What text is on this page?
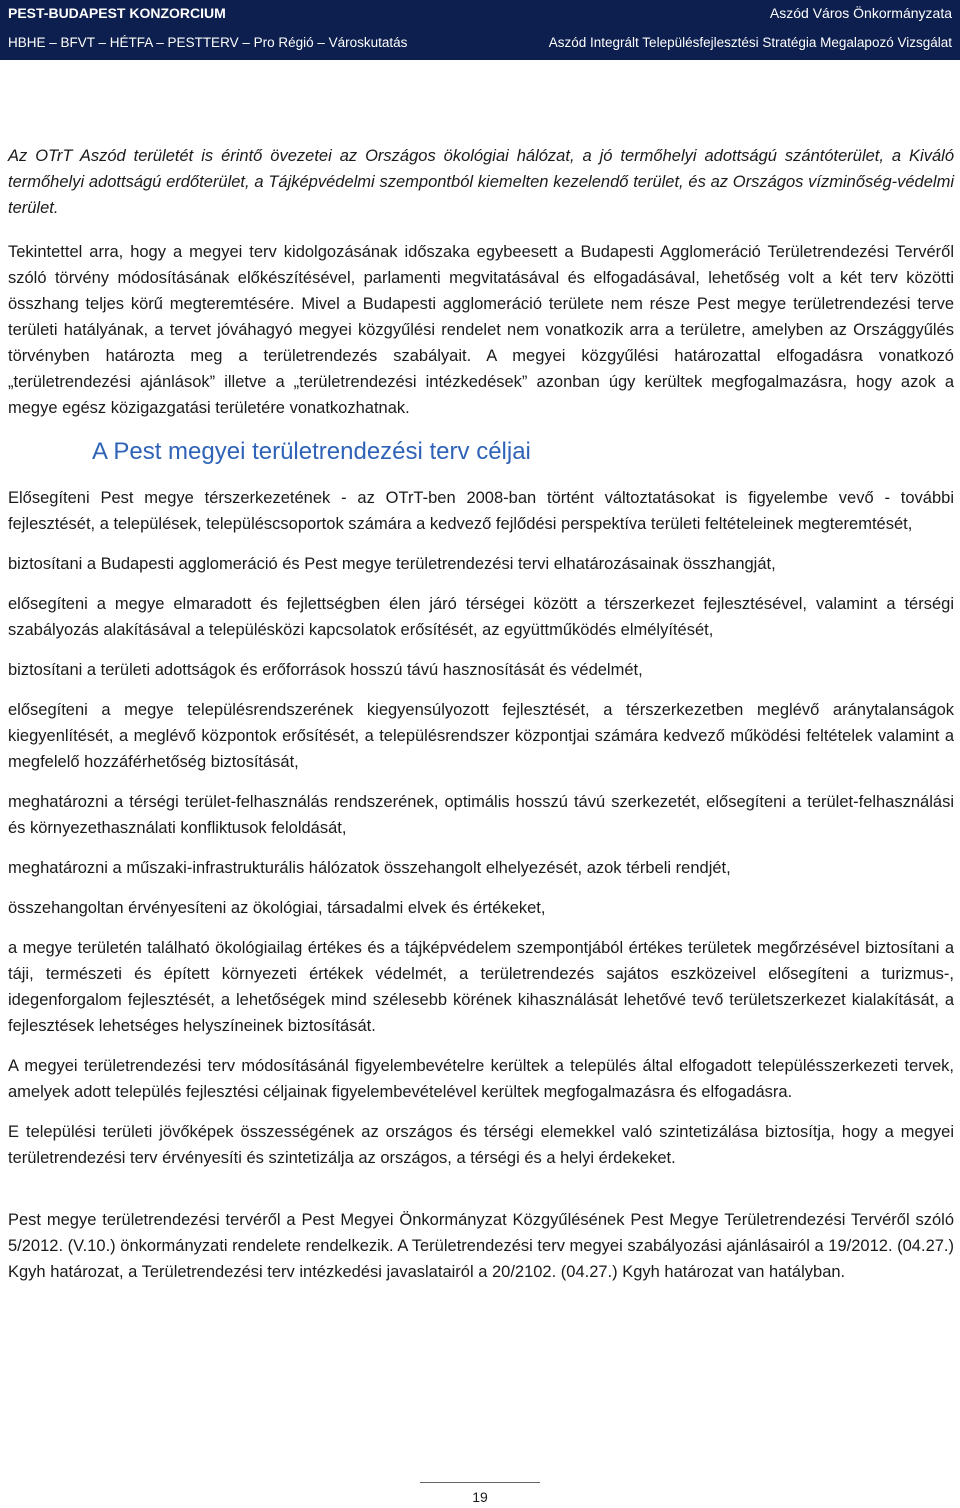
PEST-BUDAPEST KONZORCIUM	Aszód Város Önkormányzata
HBHE – BFVT – HÉTFA – PESTTERV – Pro Régió – Városkutatás	Aszód Integrált Településfejlesztési Stratégia Megalapozó Vizsgálat

Az OTrT Aszód területét is érintő övezetei az Országos ökológiai hálózat, a jó termőhelyi adottságú szántóterület, a Kiváló termőhelyi adottságú erdőterület, a Tájképvédelmi szempontból kiemelten kezelendő terület, és az Országos vízminőség-védelmi terület.

Tekintettel arra, hogy a megyei terv kidolgozásának időszaka egybeesett a Budapesti Agglomeráció Területrendezési Tervéről szóló törvény módosításának előkészítésével, parlamenti megvitatásával és elfogadásával, lehetőség volt a két terv közötti összhang teljes körű megteremtésére. Mivel a Budapesti agglomeráció területe nem része Pest megye területrendezési terve területi hatályának, a tervet jóváhagyó megyei közgyűlési rendelet nem vonatkozik arra a területre, amelyben az Országgyűlés törvényben határozta meg a területrendezés szabályait. A megyei közgyűlési határozattal elfogadásra vonatkozó „területrendezési ajánlások” illetve a „területrendezési intézkedések” azonban úgy kerültek megfogalmazásra, hogy azok a megye egész közigazgatási területére vonatkozhatnak.

A Pest megyei területrendezési terv céljai

Elősegíteni Pest megye térszerkezetének - az OTrT-ben 2008-ban történt változtatásokat is figyelembe vevő - további fejlesztését, a települések, településcsoportok számára a kedvező fejlődési perspektíva területi feltételeinek megteremtését,

biztosítani a Budapesti agglomeráció és Pest megye területrendezési tervi elhatározásainak összhangját,

elősegíteni a megye elmaradott és fejlettségben élen járó térségei között a térszerkezet fejlesztésével, valamint a térségi szabályozás alakításával a településközi kapcsolatok erősítését, az együttműködés elmélyítését,

biztosítani a területi adottságok és erőforrások hosszú távú hasznosítását és védelmét,

elősegíteni a megye településrendszerének kiegyensúlyozott fejlesztését, a térszerkezetben meglévő aránytalanságok kiegyenlítését, a meglévő központok erősítését, a településrendszer központjai számára kedvező működési feltételek valamint a megfelelő hozzáférhetőség biztosítását,

meghatározni a térségi terület-felhasználás rendszerének, optimális hosszú távú szerkezetét, elősegíteni a terület-felhasználási és környezethasználati konfliktusok feloldását,

meghatározni a műszaki-infrastrukturális hálózatok összehangolt elhelyezését, azok térbeli rendjét,

összehangoltan érvényesíteni az ökológiai, társadalmi elvek és értékeket,

a megye területén található ökológiailag értékes és a tájképvédelem szempontjából értékes területek megőrzésével biztosítani a táji, természeti és épített környezeti értékek védelmét, a területrendezés sajátos eszközeivel elősegíteni a turizmus-, idegenforgalom fejlesztését, a lehetőségek mind szélesebb körének kihasználását lehetővé tevő területszerkezet kialakítását, a fejlesztések lehetséges helyszíneinek biztosítását.

A megyei területrendezési terv módosításánál figyelembevételre kerültek a település által elfogadott településszerkezeti tervek, amelyek adott település fejlesztési céljainak figyelembevételével kerültek megfogalmazásra és elfogadásra.

E települési területi jövőképek összességének az országos és térségi elemekkel való szintetizálása biztosítja, hogy a megyei területrendezési terv érvényesíti és szintetizálja az országos, a térségi és a helyi érdekeket.

Pest megye területrendezési tervéről a Pest Megyei Önkormányzat Közgyűlésének Pest Megye Területrendezési Tervéről szóló 5/2012. (V.10.) önkormányzati rendelete rendelkezik. A Területrendezési terv megyei szabályozási ajánlásairól a 19/2012. (04.27.) Kgyh határozat, a Területrendezési terv intézkedési javaslatairól a 20/2102. (04.27.) Kgyh határozat van hatályban.

19
